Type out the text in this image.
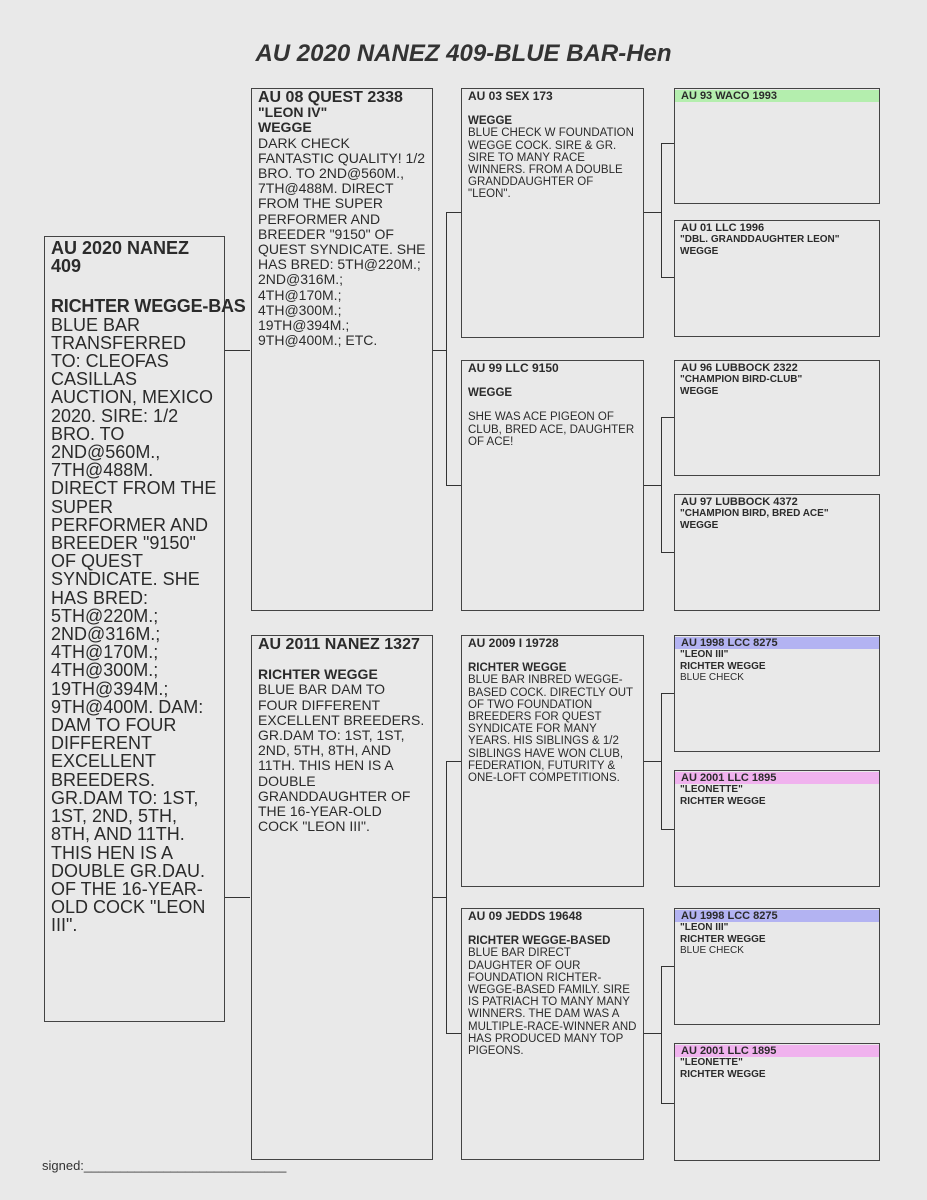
AU 2020 NANEZ 409-BLUE BAR-Hen
AU 2020 NANEZ 409
RICHTER WEGGE-BAS
BLUE BAR TRANSFERRED TO: CLEOFAS CASILLAS AUCTION, MEXICO 2020. SIRE: 1/2 BRO. TO 2ND@560M., 7TH@488M. DIRECT FROM THE SUPER PERFORMER AND BREEDER "9150" OF QUEST SYNDICATE. SHE HAS BRED: 5TH@220M.; 2ND@316M.; 4TH@170M.; 4TH@300M.; 19TH@394M.; 9TH@400M. DAM: DAM TO FOUR DIFFERENT EXCELLENT BREEDERS. GR.DAM TO: 1ST, 1ST, 2ND, 5TH, 8TH, AND 11TH. THIS HEN IS A DOUBLE GR.DAU. OF THE 16-YEAR-OLD COCK "LEON III".
AU 08 QUEST 2338
"LEON IV"
WEGGE
DARK CHECK FANTASTIC QUALITY! 1/2 BRO. TO 2ND@560M., 7TH@488M. DIRECT FROM THE SUPER PERFORMER AND BREEDER "9150" OF QUEST SYNDICATE. SHE HAS BRED: 5TH@220M.; 2ND@316M.; 4TH@170M.; 4TH@300M.; 19TH@394M.; 9TH@400M.; ETC.
AU 2011 NANEZ 1327
RICHTER WEGGE
BLUE BAR DAM TO FOUR DIFFERENT EXCELLENT BREEDERS. GR.DAM TO: 1ST, 1ST, 2ND, 5TH, 8TH, AND 11TH. THIS HEN IS A DOUBLE GRANDDAUGHTER OF THE 16-YEAR-OLD COCK "LEON III".
AU 03 SEX 173
WEGGE
BLUE CHECK W FOUNDATION WEGGE COCK. SIRE & GR. SIRE TO MANY RACE WINNERS. FROM A DOUBLE GRANDDAUGHTER OF "LEON".
AU 99 LLC 9150
WEGGE
SHE WAS ACE PIGEON OF CLUB, BRED ACE, DAUGHTER OF ACE!
AU 2009 I 19728
RICHTER WEGGE
BLUE BAR INBRED WEGGE-BASED COCK. DIRECTLY OUT OF TWO FOUNDATION BREEDERS FOR QUEST SYNDICATE FOR MANY YEARS. HIS SIBLINGS & 1/2 SIBLINGS HAVE WON CLUB, FEDERATION, FUTURITY & ONE-LOFT COMPETITIONS.
AU 09 JEDDS 19648
RICHTER WEGGE-BASED
BLUE BAR DIRECT DAUGHTER OF OUR FOUNDATION RICHTER-WEGGE-BASED FAMILY. SIRE IS PATRIACH TO MANY MANY WINNERS. THE DAM WAS A MULTIPLE-RACE-WINNER AND HAS PRODUCED MANY TOP PIGEONS.
AU 93 WACO 1993
AU 01 LLC 1996
"DBL. GRANDDAUGHTER LEON"
WEGGE
AU 96 LUBBOCK 2322
"CHAMPION BIRD-CLUB"
WEGGE
AU 97 LUBBOCK 4372
"CHAMPION BIRD, BRED ACE"
WEGGE
AU 1998 LCC 8275
"LEON III"
RICHTER WEGGE
BLUE CHECK
AU 2001 LLC 1895
"LEONETTE"
RICHTER WEGGE
AU 1998 LCC 8275
"LEON III"
RICHTER WEGGE
BLUE CHECK
AU 2001 LLC 1895
"LEONETTE"
RICHTER WEGGE
signed:____________________________
